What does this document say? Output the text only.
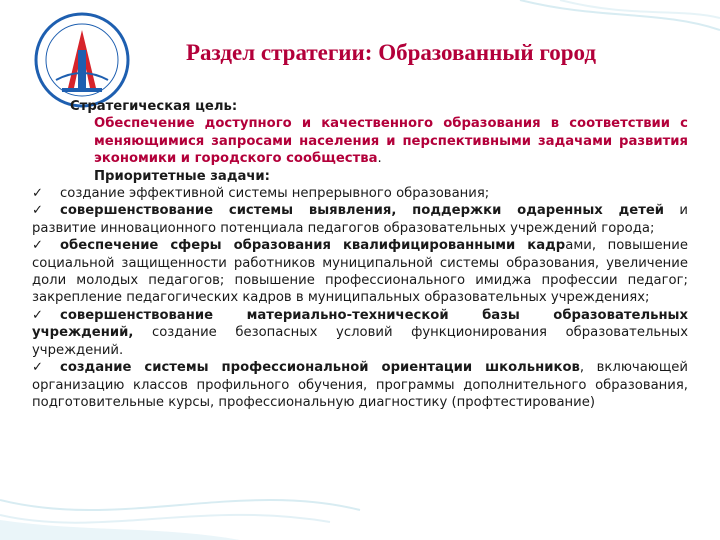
Раздел стратегии: Образованный город

Стратегическая цель:

Обеспечение доступного и качественного образования в соответствии с меняющимися запросами населения и перспективными задачами развития экономики и городского сообщества.

Приоритетные задачи:

✓ создание эффективной системы непрерывного образования;

✓ совершенствование системы выявления, поддержки одаренных детей и развитие инновационного потенциала педагогов образовательных учреждений города;

✓ обеспечение сферы образования квалифицированными кадрами, повышение социальной защищенности работников муниципальной системы образования, увеличение доли молодых педагогов; повышение профессионального имиджа профессии педагог; закрепление педагогических кадров в муниципальных образовательных учреждениях;

✓ совершенствование материально-технической базы образовательных учреждений, создание безопасных условий функционирования образовательных учреждений.

✓ создание системы профессиональной ориентации школьников, включающей организацию классов профильного обучения, программы дополнительного образования, подготовительные курсы, профессиональную диагностику (профтестирование)
